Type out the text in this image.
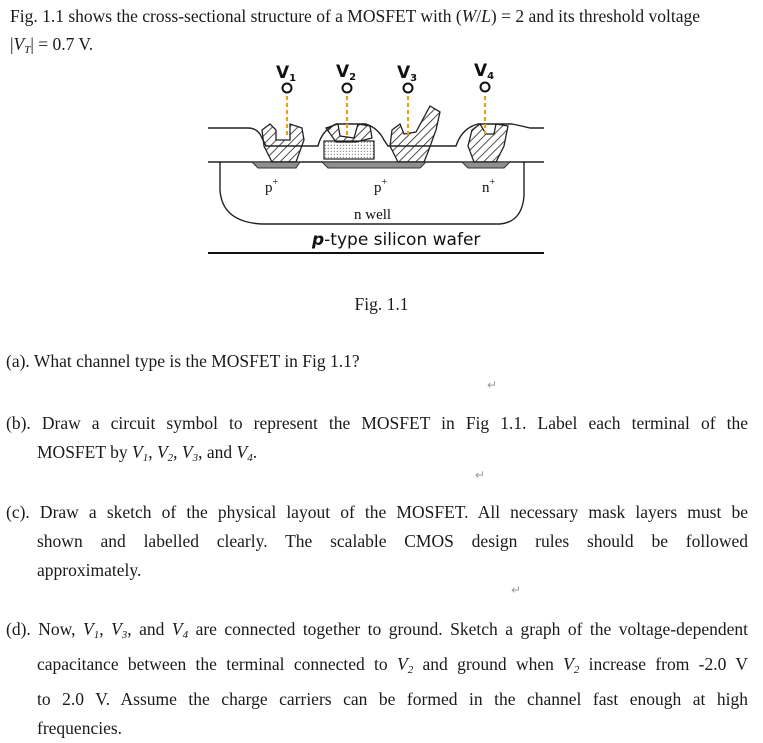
Fig. 1.1 shows the cross-sectional structure of a MOSFET with (W/L) = 2 and its threshold voltage
$|V_T| = 0.7$ V.
V1 V2 V3	V4
p+	p+	n+
n well
p-type silicon wafer
Fig. 1.1
(a). What channel type is the MOSFET in Fig 1.1?
↵
(b). Draw a circuit symbol to represent the MOSFET in Fig 1.1. Label each terminal of the
MOSFET by $V_1$, $V_2$, $V_3$, and $V_4$.
↵
(c). Draw a sketch of the physical layout of the MOSFET. All necessary mask layers must be
shown and labelled clearly. The scalable CMOS design rules should be followed
approximately.
↵
(d). Now, $V_1$, $V_3$, and $V_4$ are connected together to ground. Sketch a graph of the voltage-dependent
capacitance between the terminal connected to $V_2$ and ground when $V_2$ increase from -2.0 V
to 2.0 V. Assume the charge carriers can be formed in the channel fast enough at high
frequencies.
